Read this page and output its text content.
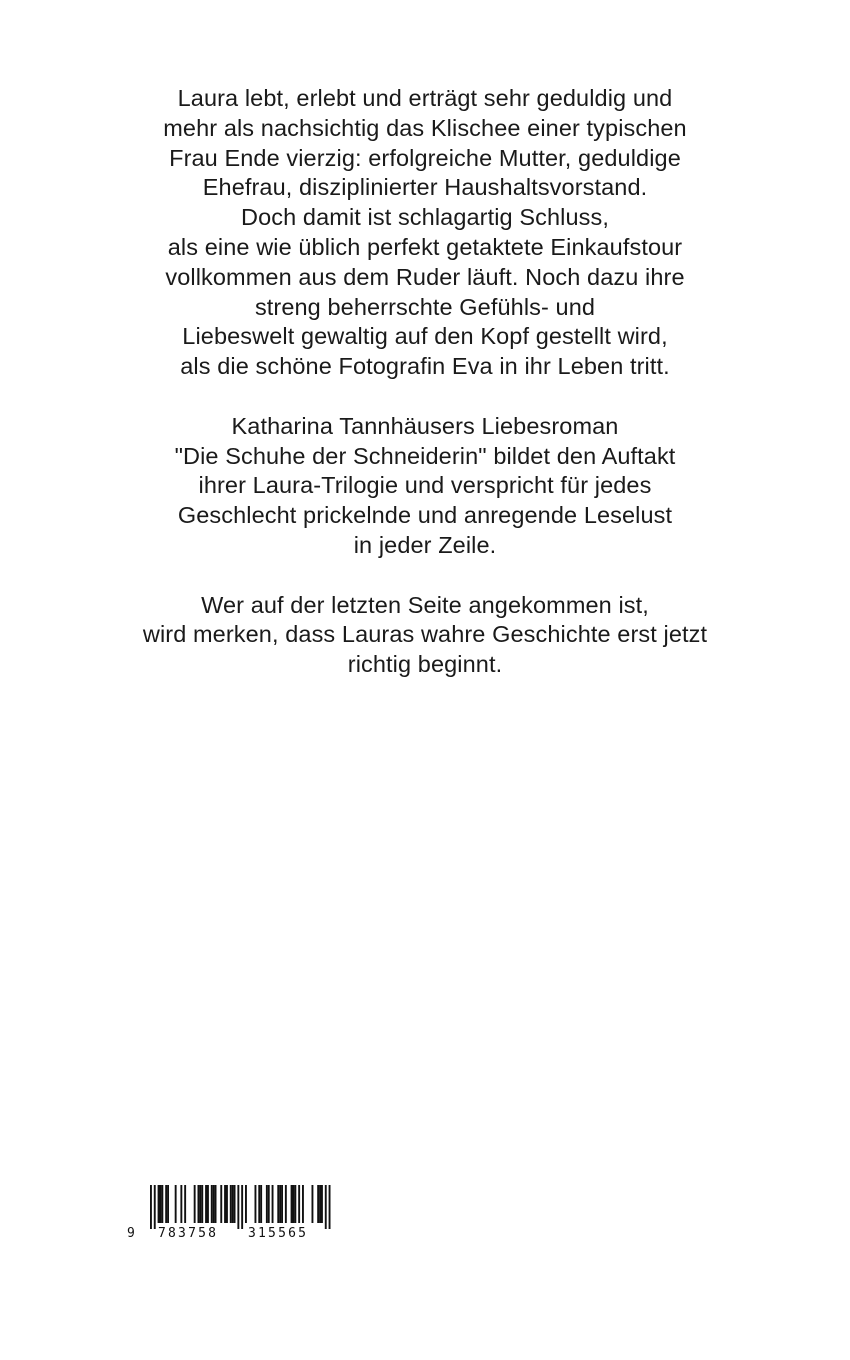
Laura lebt, erlebt und erträgt sehr geduldig und
mehr als nachsichtig das Klischee einer typischen
Frau Ende vierzig: erfolgreiche Mutter, geduldige
Ehefrau, disziplinierter Haushaltsvorstand.
Doch damit ist schlagartig Schluss,
als eine wie üblich perfekt getaktete Einkaufstour
vollkommen aus dem Ruder läuft. Noch dazu ihre
streng beherrschte Gefühls- und
Liebeswelt gewaltig auf den Kopf gestellt wird,
als die schöne Fotografin Eva in ihr Leben tritt.

Katharina Tannhäusers Liebesroman
"Die Schuhe der Schneiderin" bildet den Auftakt
ihrer Laura-Trilogie und verspricht für jedes
Geschlecht prickelnde und anregende Leselust
in jeder Zeile.

Wer auf der letzten Seite angekommen ist,
wird merken, dass Lauras wahre Geschichte erst jetzt
richtig beginnt.

9 783758 315565
